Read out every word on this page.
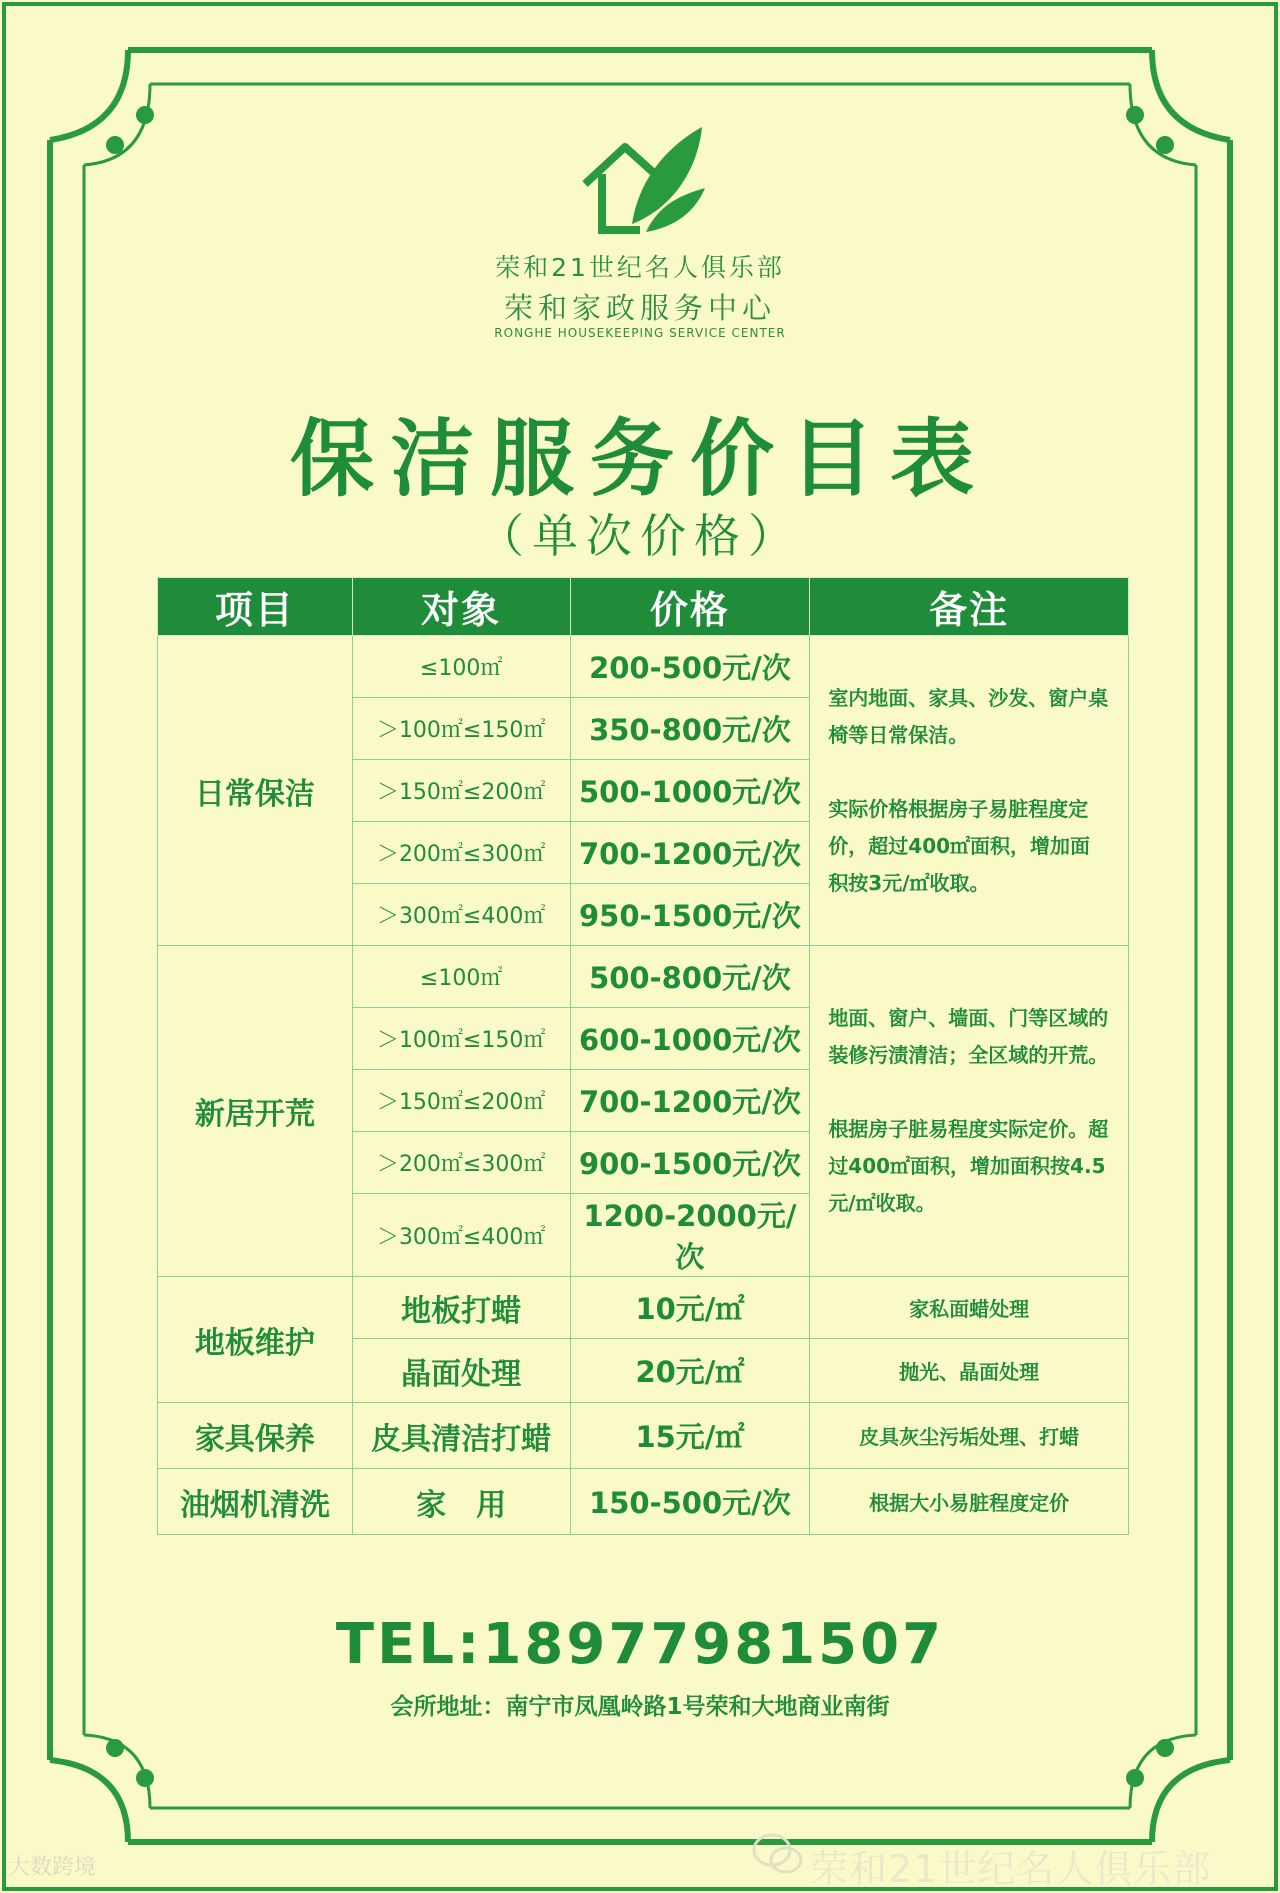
荣和21世纪名人俱乐部
荣和家政服务中心
RONGHE HOUSEKEEPING SERVICE CENTER
保洁服务价目表
（单次价格）
项目	对象	价格	备注
日常保洁	≤100㎡	200-500元/次	室内地面、家具、沙发、窗户桌椅等日常保洁。
实际价格根据房子易脏程度定价，超过400㎡面积，增加面积按3元/㎡收取。

	＞100㎡≤150㎡	350-800元/次	
	＞150㎡≤200㎡	500-1000元/次	
	＞200㎡≤300㎡	700-1200元/次	
	＞300㎡≤400㎡	950-1500元/次	
新居开荒	≤100㎡	500-800元/次	地面、窗户、墙面、门等区域的装修污渍清洁；全区域的开荒。
根据房子脏易程度实际定价。超过400㎡面积，增加面积按4.5元/㎡收取。

	＞100㎡≤150㎡	600-1000元/次	
	＞150㎡≤200㎡	700-1200元/次	
	＞200㎡≤300㎡	900-1500元/次	
	＞300㎡≤400㎡	1200-2000元/次	
地板维护	地板打蜡	10元/㎡	家私面蜡处理
	晶面处理	20元/㎡	抛光、晶面处理
家具保养	皮具清洁打蜡	15元/㎡	皮具灰尘污垢处理、打蜡
油烟机清洗	家　用	150-500元/次	根据大小易脏程度定价
TEL:18977981507
会所地址：南宁市凤凰岭路1号荣和大地商业南街
大数跨境	荣和21世纪名人俱乐部
